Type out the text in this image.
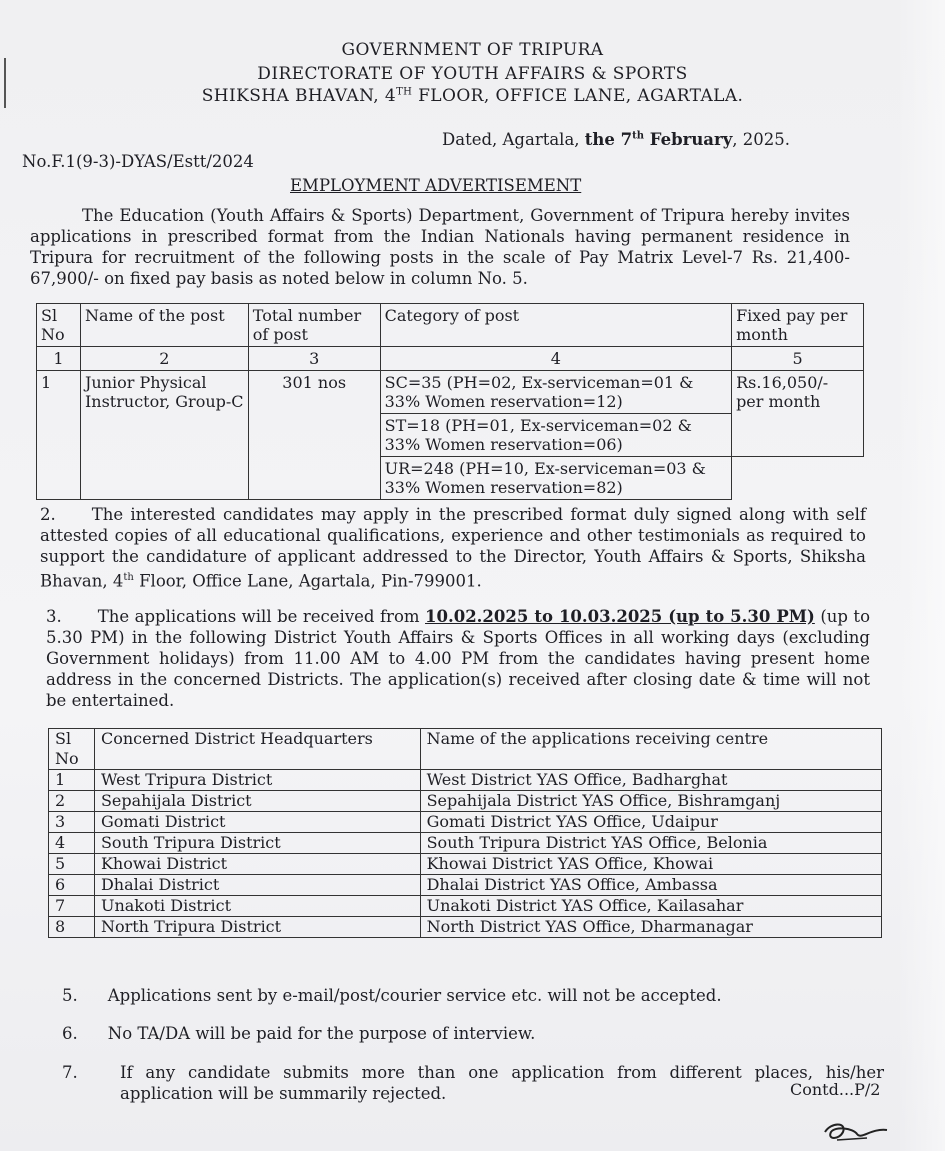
GOVERNMENT OF TRIPURA
DIRECTORATE OF YOUTH AFFAIRS & SPORTS
SHIKSHA BHAVAN, 4TH FLOOR, OFFICE LANE, AGARTALA.
Dated, Agartala, the 7th February, 2025.
No.F.1(9-3)-DYAS/Estt/2024
EMPLOYMENT ADVERTISEMENT
The Education (Youth Affairs & Sports) Department, Government of Tripura hereby invites applications in prescribed format from the Indian Nationals having permanent residence in Tripura for recruitment of the following posts in the scale of Pay Matrix Level-7 Rs. 21,400-67,900/- on fixed pay basis as noted below in column No. 5.
Sl No	Name of the post	Total number of post	Category of post	Fixed pay per month
1	2	3	4	5
1	Junior Physical Instructor, Group-C	301 nos	SC=35 (PH=02, Ex-serviceman=01 & 33% Women reservation=12)	Rs.16,050/- per month
			ST=18 (PH=01, Ex-serviceman=02 & 33% Women reservation=06)	
			UR=248 (PH=10, Ex-serviceman=03 & 33% Women reservation=82)	
2. The interested candidates may apply in the prescribed format duly signed along with self attested copies of all educational qualifications, experience and other testimonials as required to support the candidature of applicant addressed to the Director, Youth Affairs & Sports, Shiksha Bhavan, 4th Floor, Office Lane, Agartala, Pin-799001.
3. The applications will be received from 10.02.2025 to 10.03.2025 (up to 5.30 PM) (up to 5.30 PM) in the following District Youth Affairs & Sports Offices in all working days (excluding Government holidays) from 11.00 AM to 4.00 PM from the candidates having present home address in the concerned Districts. The application(s) received after closing date & time will not be entertained.
Sl No	Concerned District Headquarters	Name of the applications receiving centre
1	West Tripura District	West District YAS Office, Badharghat
2	Sepahijala District	Sepahijala District YAS Office, Bishramganj
3	Gomati District	Gomati District YAS Office, Udaipur
4	South Tripura District	South Tripura District YAS Office, Belonia
5	Khowai District	Khowai District YAS Office, Khowai
6	Dhalai District	Dhalai District YAS Office, Ambassa
7	Unakoti District	Unakoti District YAS Office, Kailasahar
8	North Tripura District	North District YAS Office, Dharmanagar
5. Applications sent by e-mail/post/courier service etc. will not be accepted.
6. No TA/DA will be paid for the purpose of interview.
7.	If any candidate submits more than one application from different places, his/her application will be summarily rejected.	Contd...P/2
